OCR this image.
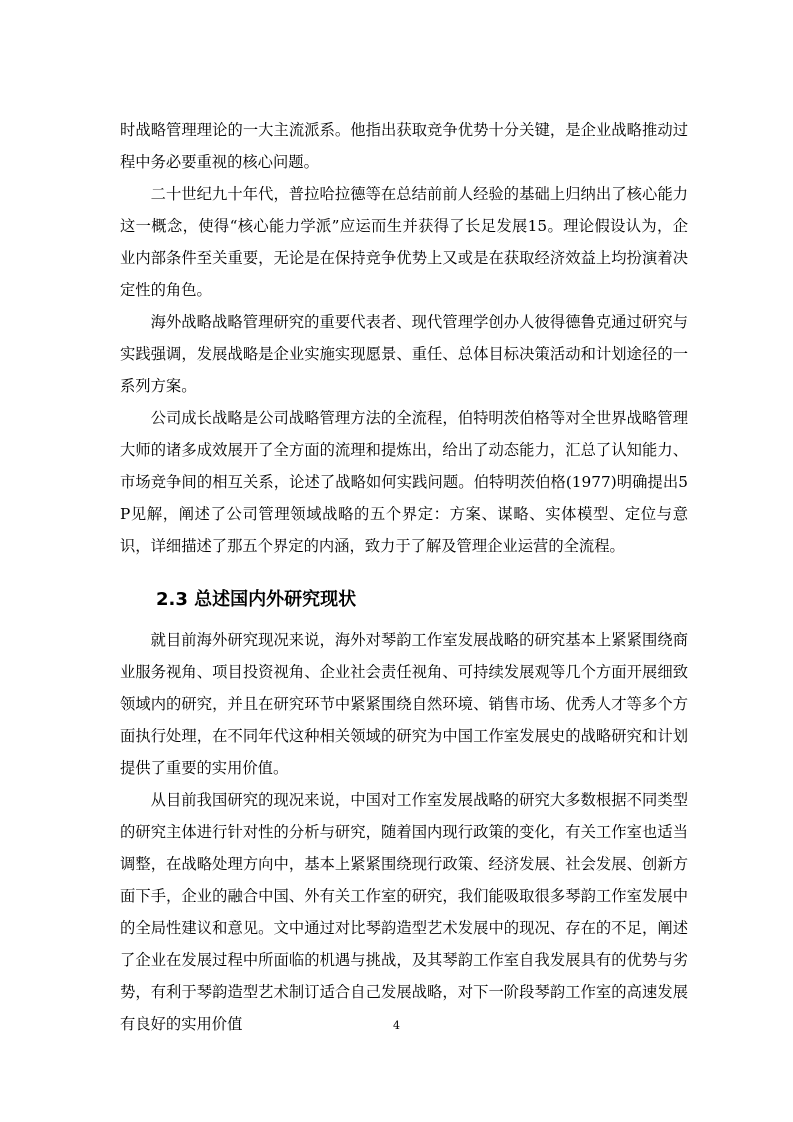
时战略管理理论的一大主流派系。他指出获取竞争优势十分关键，是企业战略推动过程中务必要重视的核心问题。

二十世纪九十年代，普拉哈拉德等在总结前前人经验的基础上归纳出了核心能力这一概念，使得“核心能力学派”应运而生并获得了长足发展15。理论假设认为，企业内部条件至关重要，无论是在保持竞争优势上又或是在获取经济效益上均扮演着决定性的角色。

海外战略战略管理研究的重要代表者、现代管理学创办人彼得德鲁克通过研究与实践强调，发展战略是企业实施实现愿景、重任、总体目标决策活动和计划途径的一系列方案。

公司成长战略是公司战略管理方法的全流程，伯特明茨伯格等对全世界战略管理大师的诸多成效展开了全方面的流理和提炼出，给出了动态能力，汇总了认知能力、市场竞争间的相互关系，论述了战略如何实践问题。伯特明茨伯格(1977)明确提出5P见解，阐述了公司管理领域战略的五个界定：方案、谋略、实体模型、定位与意识，详细描述了那五个界定的内涵，致力于了解及管理企业运营的全流程。

2.3 总述国内外研究现状

就目前海外研究现况来说，海外对琴韵工作室发展战略的研究基本上紧紧围绕商业服务视角、项目投资视角、企业社会责任视角、可持续发展观等几个方面开展细致领域内的研究，并且在研究环节中紧紧围绕自然环境、销售市场、优秀人才等多个方面执行处理，在不同年代这种相关领域的研究为中国工作室发展史的战略研究和计划提供了重要的实用价值。

从目前我国研究的现况来说，中国对工作室发展战略的研究大多数根据不同类型的研究主体进行针对性的分析与研究，随着国内现行政策的变化，有关工作室也适当调整，在战略处理方向中，基本上紧紧围绕现行政策、经济发展、社会发展、创新方面下手，企业的融合中国、外有关工作室的研究，我们能吸取很多琴韵工作室发展中的全局性建议和意见。文中通过对比琴韵造型艺术发展中的现况、存在的不足，阐述了企业在发展过程中所面临的机遇与挑战，及其琴韵工作室自我发展具有的优势与劣势，有利于琴韵造型艺术制订适合自己发展战略，对下一阶段琴韵工作室的高速发展有良好的实用价值	4
